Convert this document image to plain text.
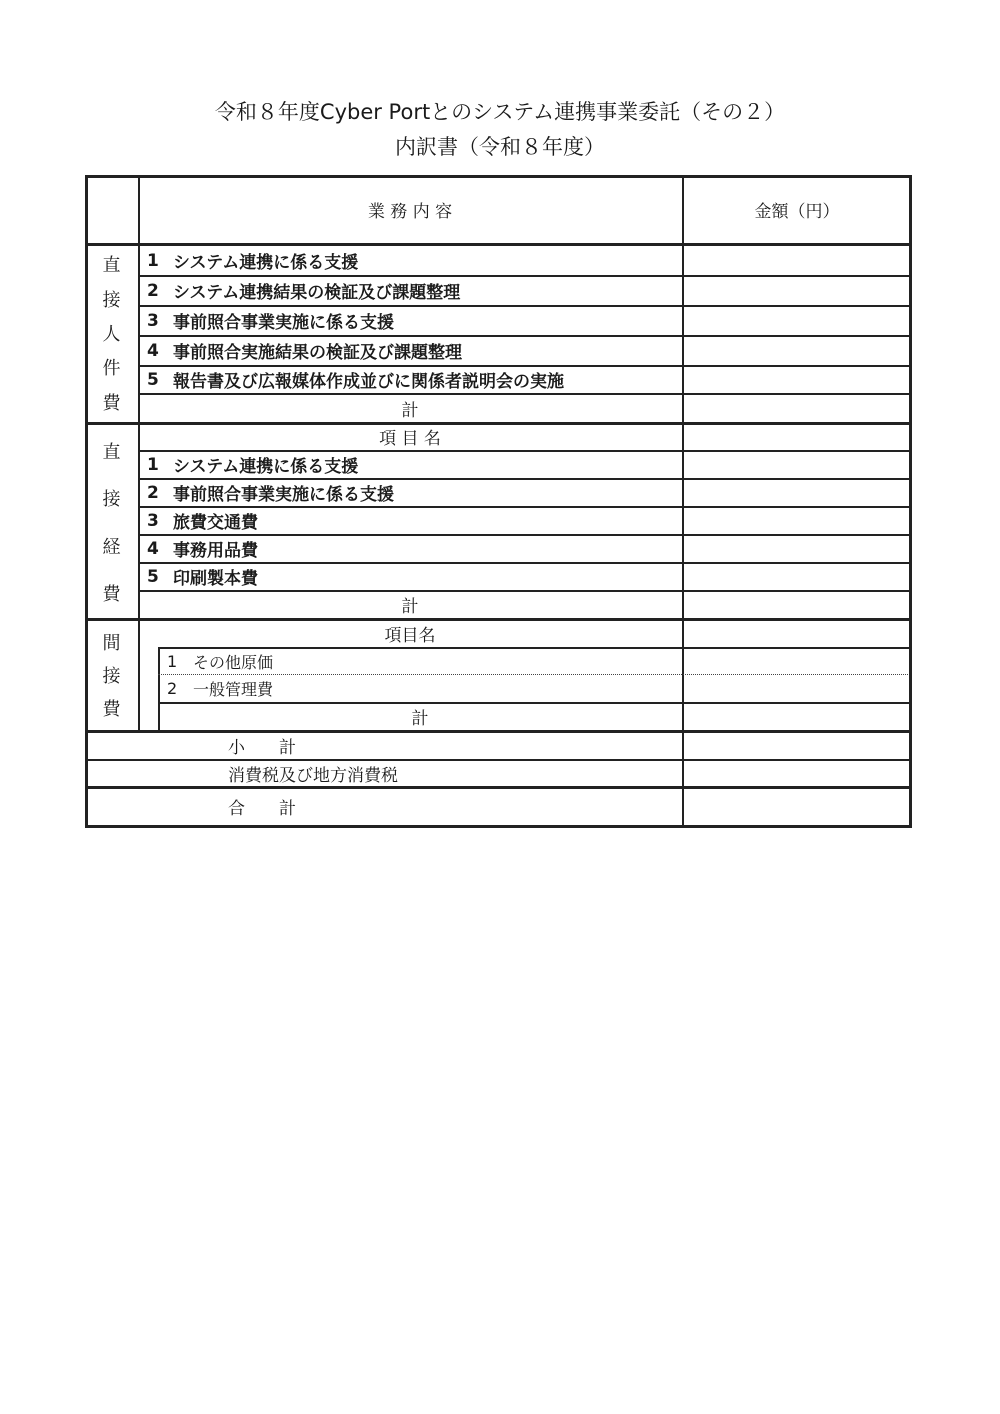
令和８年度Cyber Portとのシステム連携事業委託（その２）
内訳書（令和８年度）
業 務 内 容	金額（円）
直
接
人
件
費
1 システム連携に係る支援
2 システム連携結果の検証及び課題整理
3 事前照合事業実施に係る支援
4 事前照合実施結果の検証及び課題整理
5 報告書及び広報媒体作成並びに関係者説明会の実施
計
直
接
経
費
項 目 名
1 システム連携に係る支援
2 事前照合事業実施に係る支援
3 旅費交通費
4 事務用品費
5 印刷製本費
計
間
接
費
項目名
1 その他原価
2 一般管理費
計
小　　計
消費税及び地方消費税
合　　計
